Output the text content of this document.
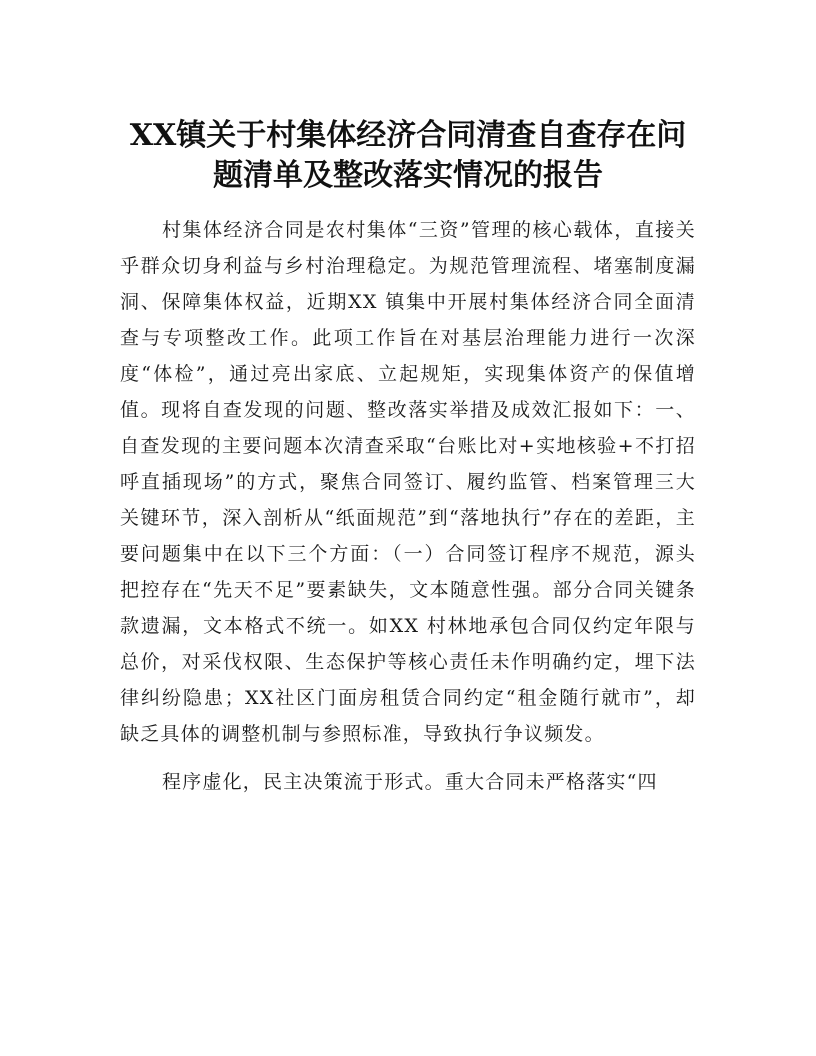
XX镇关于村集体经济合同清查自查存在问
题清单及整改落实情况的报告

村集体经济合同是农村集体“三资”管理的核心载体，直接关乎群众切身利益与乡村治理稳定。为规范管理流程、堵塞制度漏洞、保障集体权益，近期XX 镇集中开展村集体经济合同全面清查与专项整改工作。此项工作旨在对基层治理能力进行一次深度“体检”，通过亮出家底、立起规矩，实现集体资产的保值增值。现将自查发现的问题、整改落实举措及成效汇报如下：一、自查发现的主要问题本次清查采取“台账比对+实地核验+不打招呼直插现场”的方式，聚焦合同签订、履约监管、档案管理三大关键环节，深入剖析从“纸面规范”到“落地执行”存在的差距，主要问题集中在以下三个方面：（一）合同签订程序不规范，源头把控存在“先天不足”要素缺失，文本随意性强。部分合同关键条款遗漏，文本格式不统一。如XX 村林地承包合同仅约定年限与总价，对采伐权限、生态保护等核心责任未作明确约定，埋下法律纠纷隐患；XX社区门面房租赁合同约定“租金随行就市”，却缺乏具体的调整机制与参照标准，导致执行争议频发。

程序虚化，民主决策流于形式。重大合同未严格落实“四
